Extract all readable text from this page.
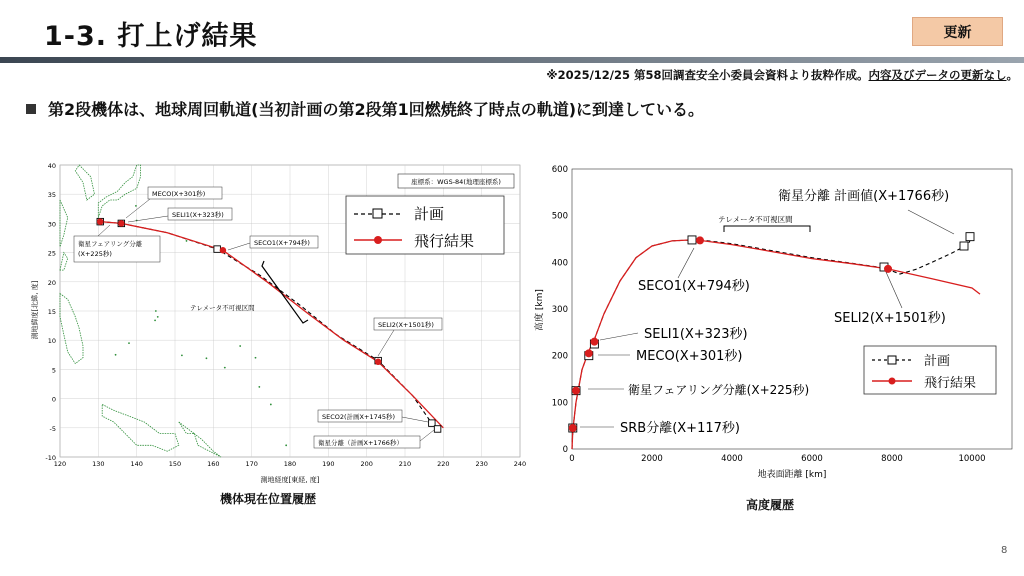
1-3. 打上げ結果	更新
※2025/12/25 第58回調査安全小委員会資料より抜粋作成。内容及びデータの更新なし。
第2段機体は、地球周回軌道(当初計画の第2段第1回燃焼終了時点の軌道)に到達している。
120	130	140	150	160	170	180	190	200	210	220	230	240
-10
-5
0
5
10
15
20
25
30
35
40
測地経度[東経, 度]
測地緯度[北緯, 度]
座標系：WGS-84(地理座標系)
計画
飛行結果
MECO(X+301秒)
SELI1(X+323秒)
衛星フェアリング分離
(X+225秒)
SECO1(X+794秒)
テレメータ不可視区間
SELI2(X+1501秒)
SECO2(計画X+1745秒)
衛星分離（計画X+1766秒）
機体現在位置履歴
0	2000	4000	6000	8000	10000
0
100
200
300
400
500
600
地表面距離 [km]
高度 [km]
計画
飛行結果
衛星分離 計画値(X+1766秒)
テレメータ不可視区間
SECO1(X+794秒)
SELI2(X+1501秒)
SELI1(X+323秒)
MECO(X+301秒)
衛星フェアリング分離(X+225秒)
SRB分離(X+117秒)
高度履歴
8
